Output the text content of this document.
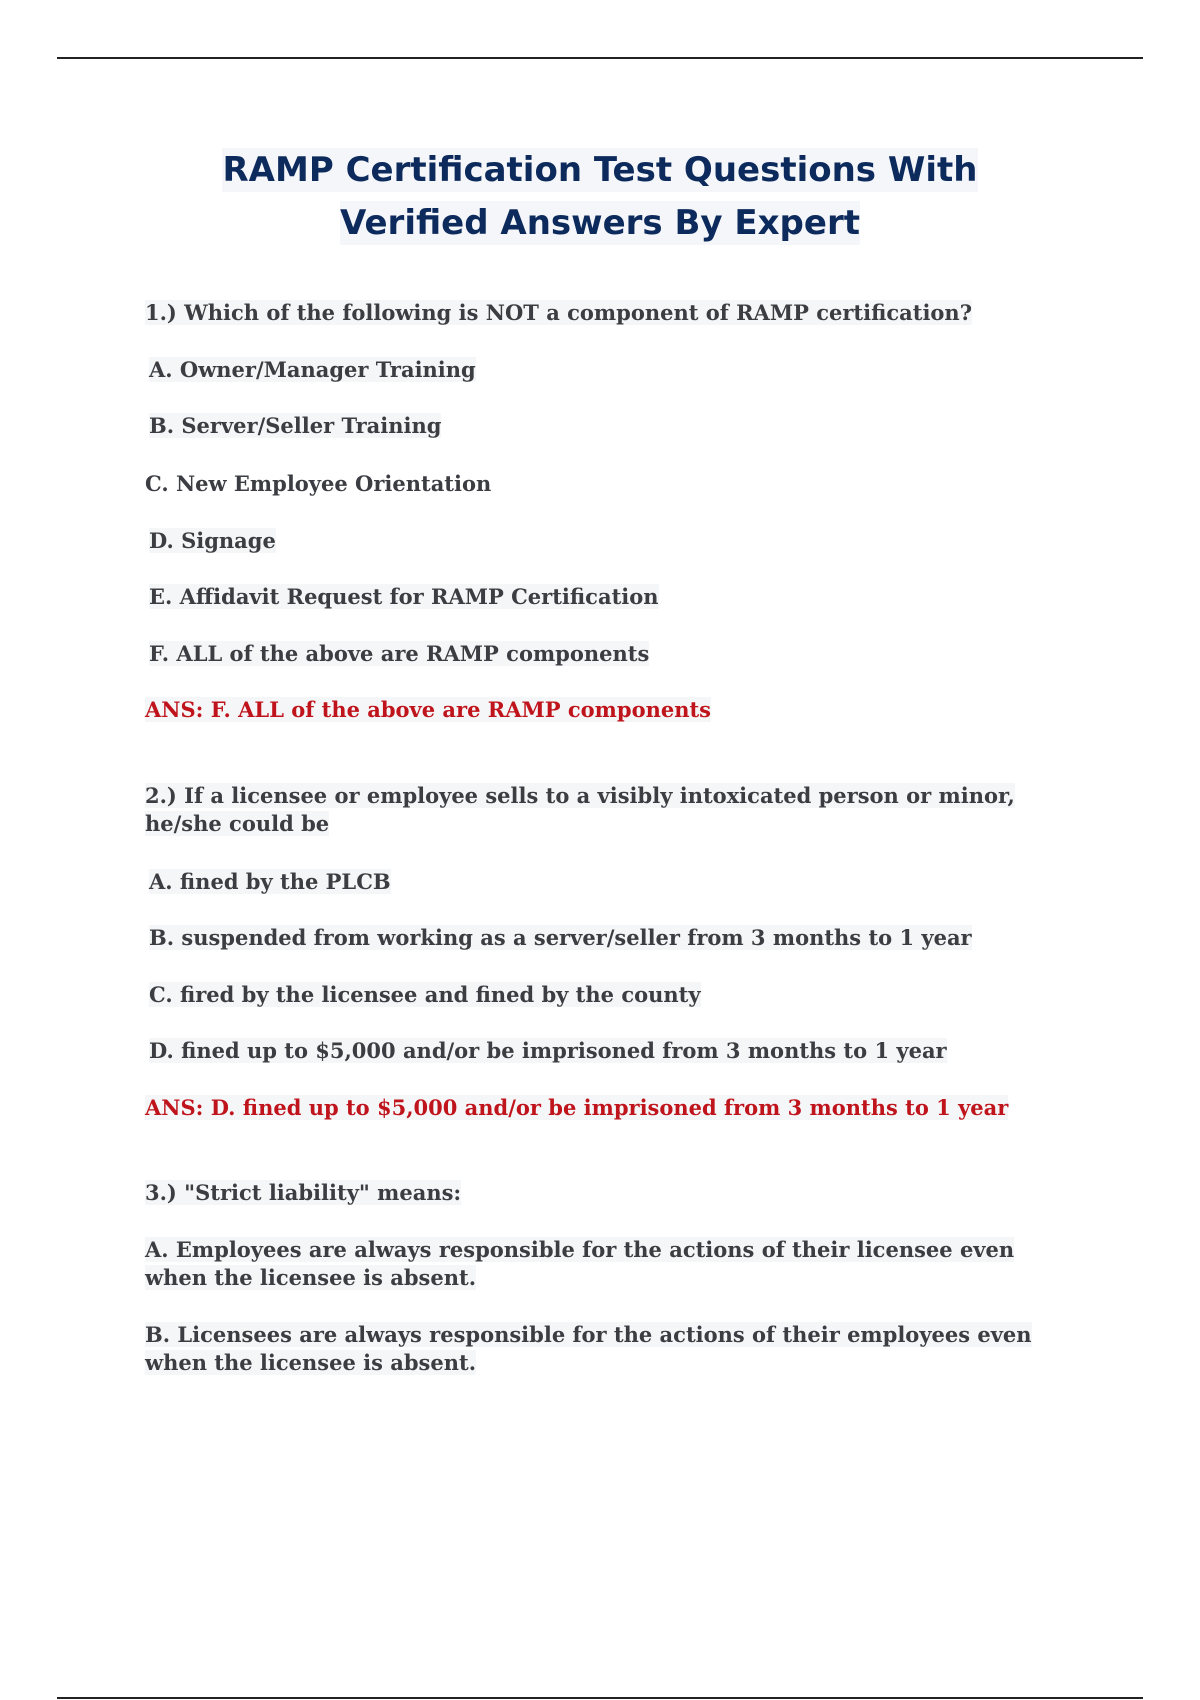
RAMP Certification Test Questions With
Verified Answers By Expert
1.) Which of the following is NOT a component of RAMP certification?
A. Owner/Manager Training
B. Server/Seller Training
C. New Employee Orientation
D. Signage
E. Affidavit Request for RAMP Certification
F. ALL of the above are RAMP components
ANS: F. ALL of the above are RAMP components
2.) If a licensee or employee sells to a visibly intoxicated person or minor, he/she could be
A. fined by the PLCB
B. suspended from working as a server/seller from 3 months to 1 year
C. fired by the licensee and fined by the county
D. fined up to $5,000 and/or be imprisoned from 3 months to 1 year
ANS: D. fined up to $5,000 and/or be imprisoned from 3 months to 1 year
3.) "Strict liability" means:
A. Employees are always responsible for the actions of their licensee even when the licensee is absent.
B. Licensees are always responsible for the actions of their employees even when the licensee is absent.
